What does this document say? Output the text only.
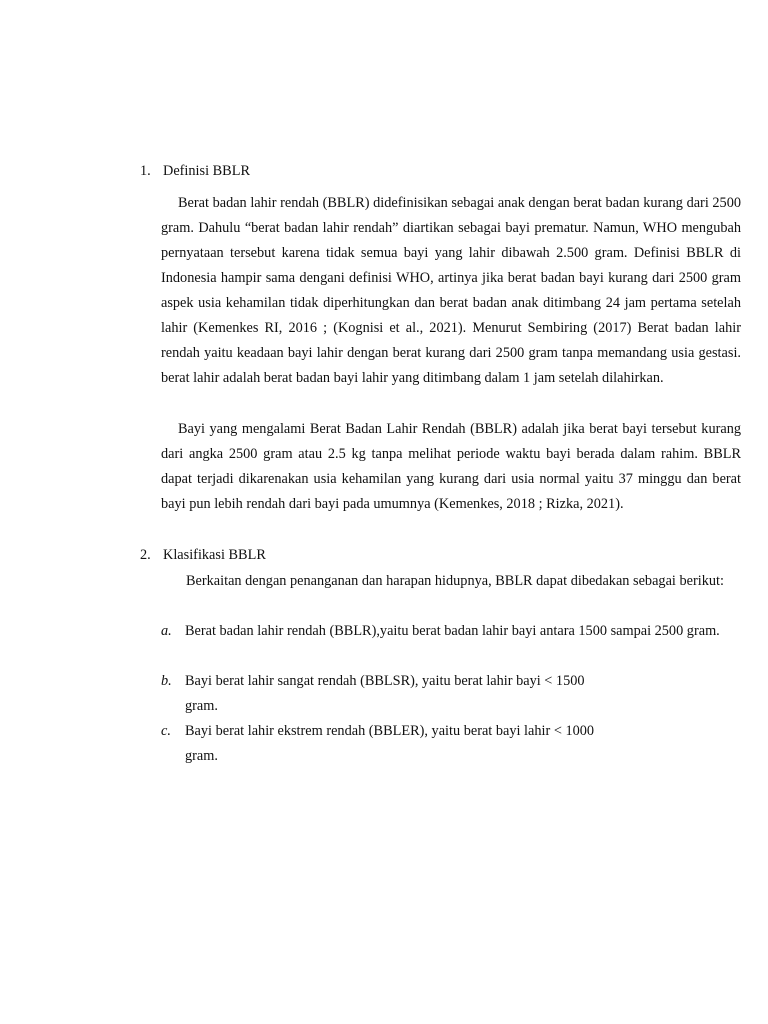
1. Definisi BBLR

Berat badan lahir rendah (BBLR) didefinisikan sebagai anak dengan berat badan kurang dari 2500 gram. Dahulu “berat badan lahir rendah” diartikan sebagai bayi prematur. Namun, WHO mengubah pernyataan tersebut karena tidak semua bayi yang lahir dibawah 2.500 gram. Definisi BBLR di Indonesia hampir sama dengani definisi WHO, artinya jika berat badan bayi kurang dari 2500 gram aspek usia kehamilan tidak diperhitungkan dan berat badan anak ditimbang 24 jam pertama setelah lahir (Kemenkes RI, 2016 ; (Kognisi et al., 2021). Menurut Sembiring (2017) Berat badan lahir rendah yaitu keadaan bayi lahir dengan berat kurang dari 2500 gram tanpa memandang usia gestasi. berat lahir adalah berat badan bayi lahir yang ditimbang dalam 1 jam setelah dilahirkan.

Bayi yang mengalami Berat Badan Lahir Rendah (BBLR) adalah jika berat bayi tersebut kurang dari angka 2500 gram atau 2.5 kg tanpa melihat periode waktu bayi berada dalam rahim. BBLR dapat terjadi dikarenakan usia kehamilan yang kurang dari usia normal yaitu 37 minggu dan berat bayi pun lebih rendah dari bayi pada umumnya (Kemenkes, 2018 ; Rizka, 2021).

2. Klasifikasi BBLR

Berkaitan dengan penanganan dan harapan hidupnya, BBLR dapat dibedakan sebagai berikut:

a. Berat badan lahir rendah (BBLR),yaitu berat badan lahir bayi antara 1500 sampai 2500 gram.
b. Bayi berat lahir sangat rendah (BBLSR), yaitu berat lahir bayi < 1500 gram.
c. Bayi berat lahir ekstrem rendah (BBLER), yaitu berat bayi lahir < 1000 gram.
